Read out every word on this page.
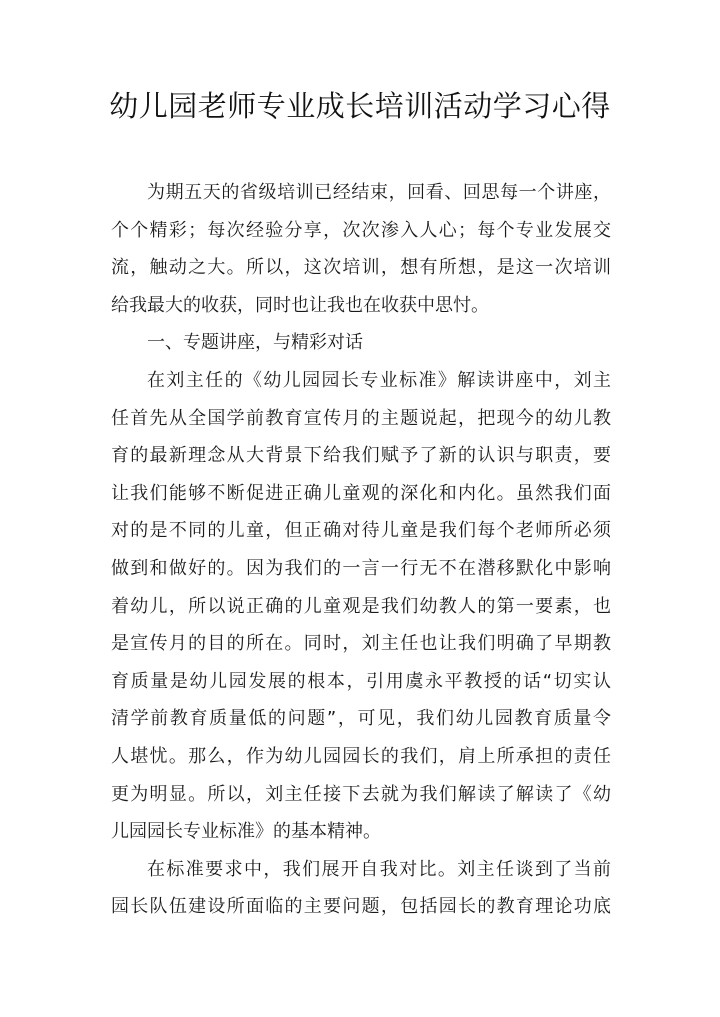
幼儿园老师专业成长培训活动学习心得
为期五天的省级培训已经结束，回看、回思每一个讲座，
个个精彩；每次经验分享，次次渗入人心；每个专业发展交
流，触动之大。所以，这次培训，想有所想，是这一次培训
给我最大的收获，同时也让我也在收获中思忖。
一、专题讲座，与精彩对话
在刘主任的《幼儿园园长专业标准》解读讲座中，刘主
任首先从全国学前教育宣传月的主题说起，把现今的幼儿教
育的最新理念从大背景下给我们赋予了新的认识与职责，要
让我们能够不断促进正确儿童观的深化和内化。虽然我们面
对的是不同的儿童，但正确对待儿童是我们每个老师所必须
做到和做好的。因为我们的一言一行无不在潜移默化中影响
着幼儿，所以说正确的儿童观是我们幼教人的第一要素，也
是宣传月的目的所在。同时，刘主任也让我们明确了早期教
育质量是幼儿园发展的根本，引用虞永平教授的话“切实认
清学前教育质量低的问题”，可见，我们幼儿园教育质量令
人堪忧。那么，作为幼儿园园长的我们，肩上所承担的责任
更为明显。所以，刘主任接下去就为我们解读了解读了《幼
儿园园长专业标准》的基本精神。
在标准要求中，我们展开自我对比。刘主任谈到了当前
园长队伍建设所面临的主要问题，包括园长的教育理论功底
